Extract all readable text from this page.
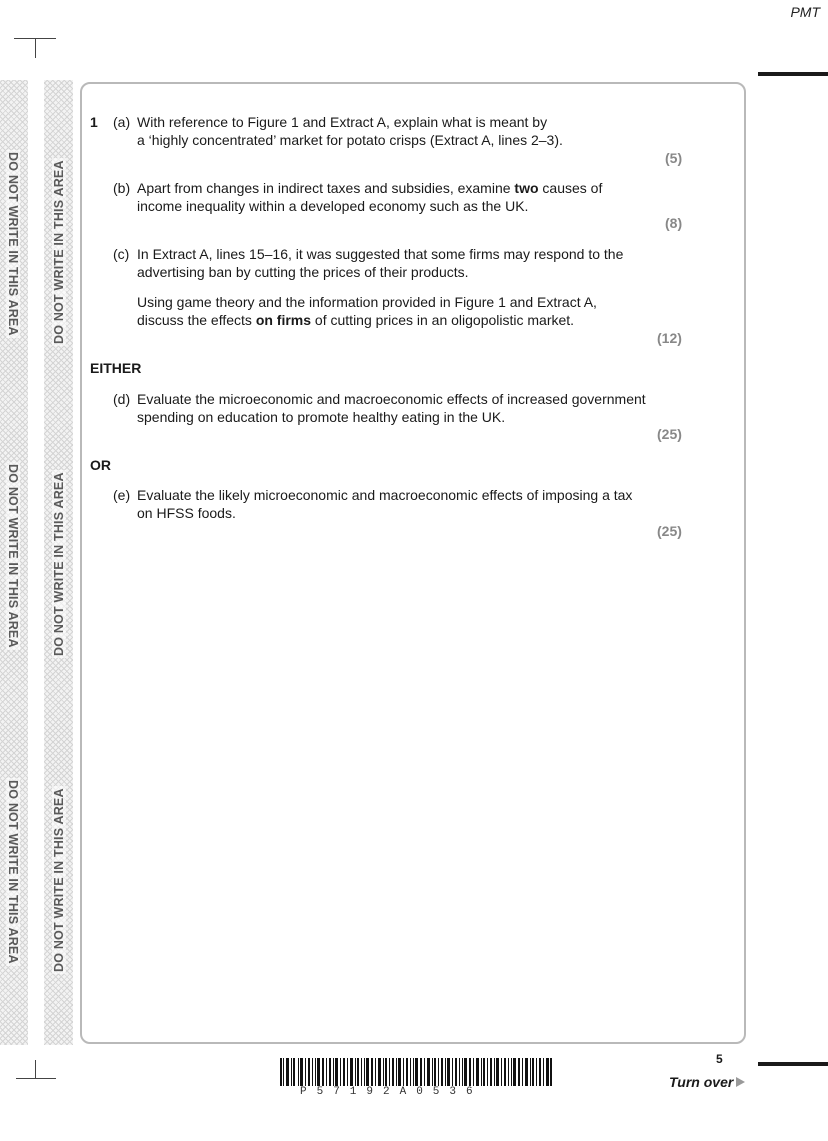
PMT
DO NOT WRITE IN THIS AREA
DO NOT WRITE IN THIS AREA
DO NOT WRITE IN THIS AREA
DO NOT WRITE IN THIS AREA
DO NOT WRITE IN THIS AREA
DO NOT WRITE IN THIS AREA
1 (a) With reference to Figure 1 and Extract A, explain what is meant by
a ‘highly concentrated’ market for potato crisps (Extract A, lines 2–3).
(5)
(b) Apart from changes in indirect taxes and subsidies, examine two causes of
income inequality within a developed economy such as the UK.
(8)
(c) In Extract A, lines 15–16, it was suggested that some firms may respond to the
advertising ban by cutting the prices of their products.
Using game theory and the information provided in Figure 1 and Extract A,
discuss the effects on firms of cutting prices in an oligopolistic market.
(12)
EITHER
(d) Evaluate the microeconomic and macroeconomic effects of increased government
spending on education to promote healthy eating in the UK.
(25)
OR
(e) Evaluate the likely microeconomic and macroeconomic effects of imposing a tax
on HFSS foods.
(25)
5
P57192A0536
Turn over
